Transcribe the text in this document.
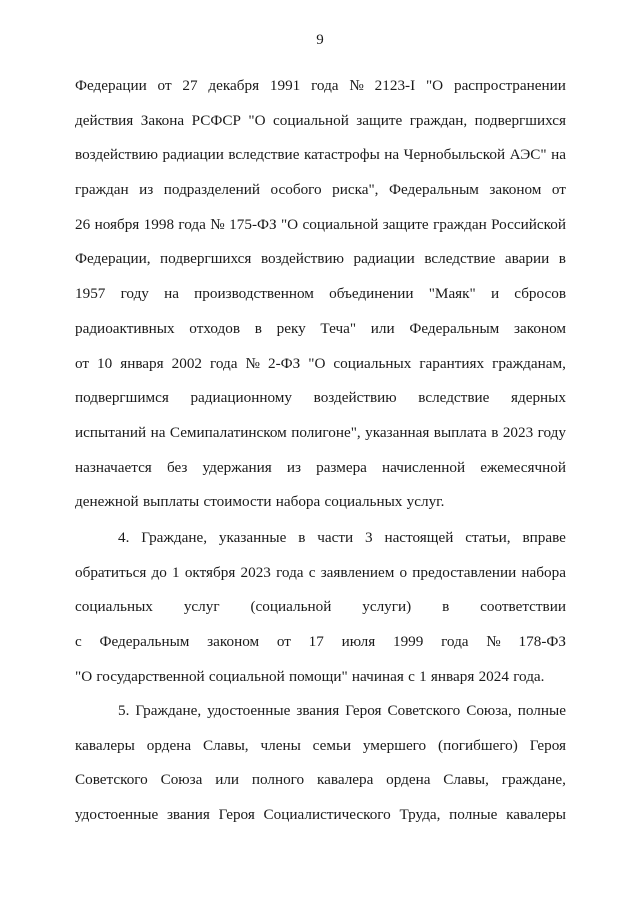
9
Федерации от 27 декабря 1991 года № 2123-I "О распространении
действия Закона РСФСР "О социальной защите граждан, подвергшихся
воздействию радиации вследствие катастрофы на Чернобыльской АЭС" на
граждан из подразделений особого риска", Федеральным законом от
26 ноября 1998 года № 175-ФЗ "О социальной защите граждан Российской
Федерации, подвергшихся воздействию радиации вследствие аварии в
1957 году на производственном объединении "Маяк" и сбросов
радиоактивных отходов в реку Теча" или Федеральным законом
от 10 января 2002 года № 2-ФЗ "О социальных гарантиях гражданам,
подвергшимся радиационному воздействию вследствие ядерных
испытаний на Семипалатинском полигоне", указанная выплата в 2023 году
назначается без удержания из размера начисленной ежемесячной
денежной выплаты стоимости набора социальных услуг.
4. Граждане, указанные в части 3 настоящей статьи, вправе
обратиться до 1 октября 2023 года с заявлением о предоставлении набора
социальных услуг (социальной услуги) в соответствии
с Федеральным законом от 17 июля 1999 года № 178-ФЗ
"О государственной социальной помощи" начиная с 1 января 2024 года.
5. Граждане, удостоенные звания Героя Советского Союза, полные
кавалеры ордена Славы, члены семьи умершего (погибшего) Героя
Советского Союза или полного кавалера ордена Славы, граждане,
удостоенные звания Героя Социалистического Труда, полные кавалеры
